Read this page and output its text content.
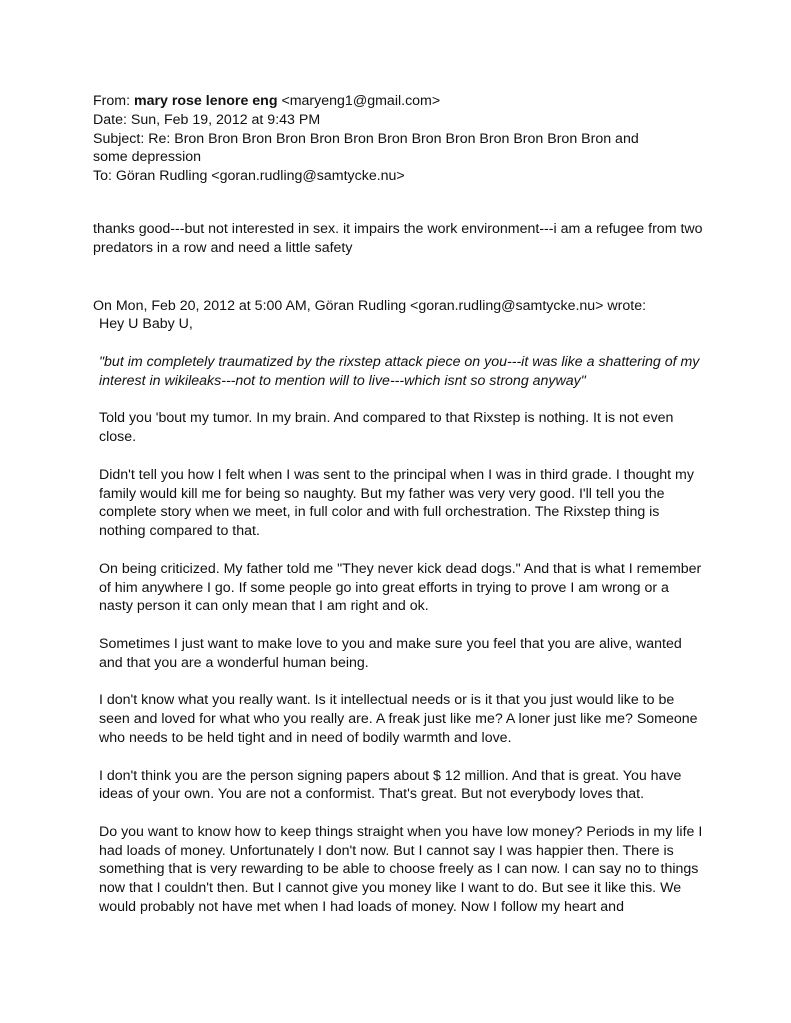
From: mary rose lenore eng <maryeng1@gmail.com>
Date: Sun, Feb 19, 2012 at 9:43 PM
Subject: Re: Bron Bron Bron Bron Bron Bron Bron Bron Bron Bron Bron Bron Bron and some depression
To: Göran Rudling <goran.rudling@samtycke.nu>
thanks good---but not interested in sex. it impairs the work environment---i am a refugee from two predators in a row and need a little safety
On Mon, Feb 20, 2012 at 5:00 AM, Göran Rudling <goran.rudling@samtycke.nu> wrote:

Hey U Baby U,

"but im completely traumatized by the rixstep attack piece on you---it was like a shattering of my interest in wikileaks---not to mention will to live---which isnt so strong anyway"

Told you 'bout my tumor. In my brain. And compared to that Rixstep is nothing. It is not even close.

Didn't tell you how I felt when I was sent to the principal when I was in third grade. I thought my family would kill me for being so naughty. But my father was very very good. I'll tell you the complete story when we meet, in full color and with full orchestration. The Rixstep thing is nothing compared to that.

On being criticized. My father told me "They never kick dead dogs." And that is what I remember of him anywhere I go. If some people go into great efforts in trying to prove I am wrong or a nasty person it can only mean that I am right and ok.

Sometimes I just want to make love to you and make sure you feel that you are alive, wanted and that you are a wonderful human being.

I don't know what you really want. Is it intellectual needs or is it that you just would like to be seen and loved for what who you really are. A freak just like me? A loner just like me? Someone who needs to be held tight and in need of bodily warmth and love.

I don't think you are the person signing papers about $ 12 million. And that is great. You have ideas of your own. You are not a conformist. That's great. But not everybody loves that.

Do you want to know how to keep things straight when you have low money? Periods in my life I had loads of money. Unfortunately I don't now. But I cannot say I was happier then. There is something that is very rewarding to be able to choose freely as I can now. I can say no to things now that I couldn't then. But I cannot give you money like I want to do. But see it like this. We would probably not have met when I had loads of money. Now I follow my heart and
